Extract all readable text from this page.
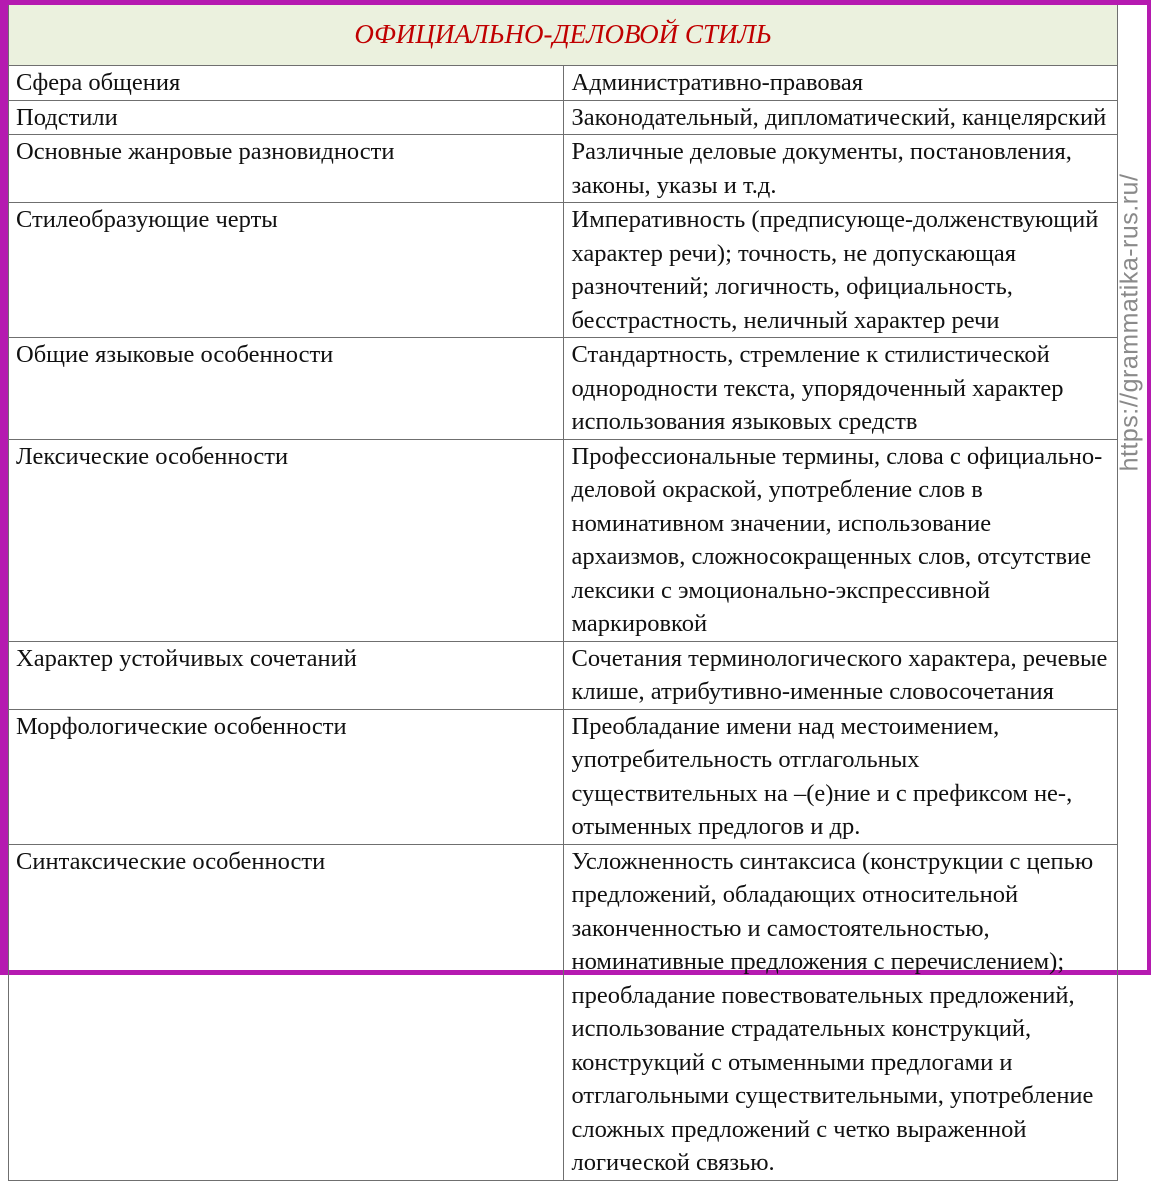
https://grammatika-rus.ru/
ОФИЦИАЛЬНО-ДЕЛОВОЙ СТИЛЬ	
Сфера общения	Административно-правовая
Подстили	Законодательный, дипломатический, канцелярский
Основные жанровые разновидности	Различные деловые документы, постановления, законы, указы и т.д.
Стилеобразующие черты	Императивность (предписующе-долженствующий характер речи); точность, не допускающая разночтений; логичность, официальность, бесстрастность, неличный характер речи
Общие языковые особенности	Стандартность, стремление к стилистической однородности текста, упорядоченный характер использования языковых средств
Лексические особенности	Профессиональные термины, слова с официально-деловой окраской, употребление слов в номинативном значении, использование архаизмов, сложносокращенных слов, отсутствие лексики с эмоционально-экспрессивной маркировкой
Характер устойчивых сочетаний	Сочетания терминологического характера, речевые клише, атрибутивно-именные словосочетания
Морфологические особенности	Преобладание имени над местоимением, употребительность отглагольных существительных на –(е)ние и с префиксом не-, отыменных предлогов и др.
Синтаксические особенности	Усложненность синтаксиса (конструкции с цепью предложений, обладающих относительной законченностью и самостоятельностью, номинативные предложения с перечислением); преобладание повествовательных предложений, использование страдательных конструкций, конструкций с отыменными предлогами и отглагольными существительными, употребление сложных предложений с четко выраженной логической связью.
